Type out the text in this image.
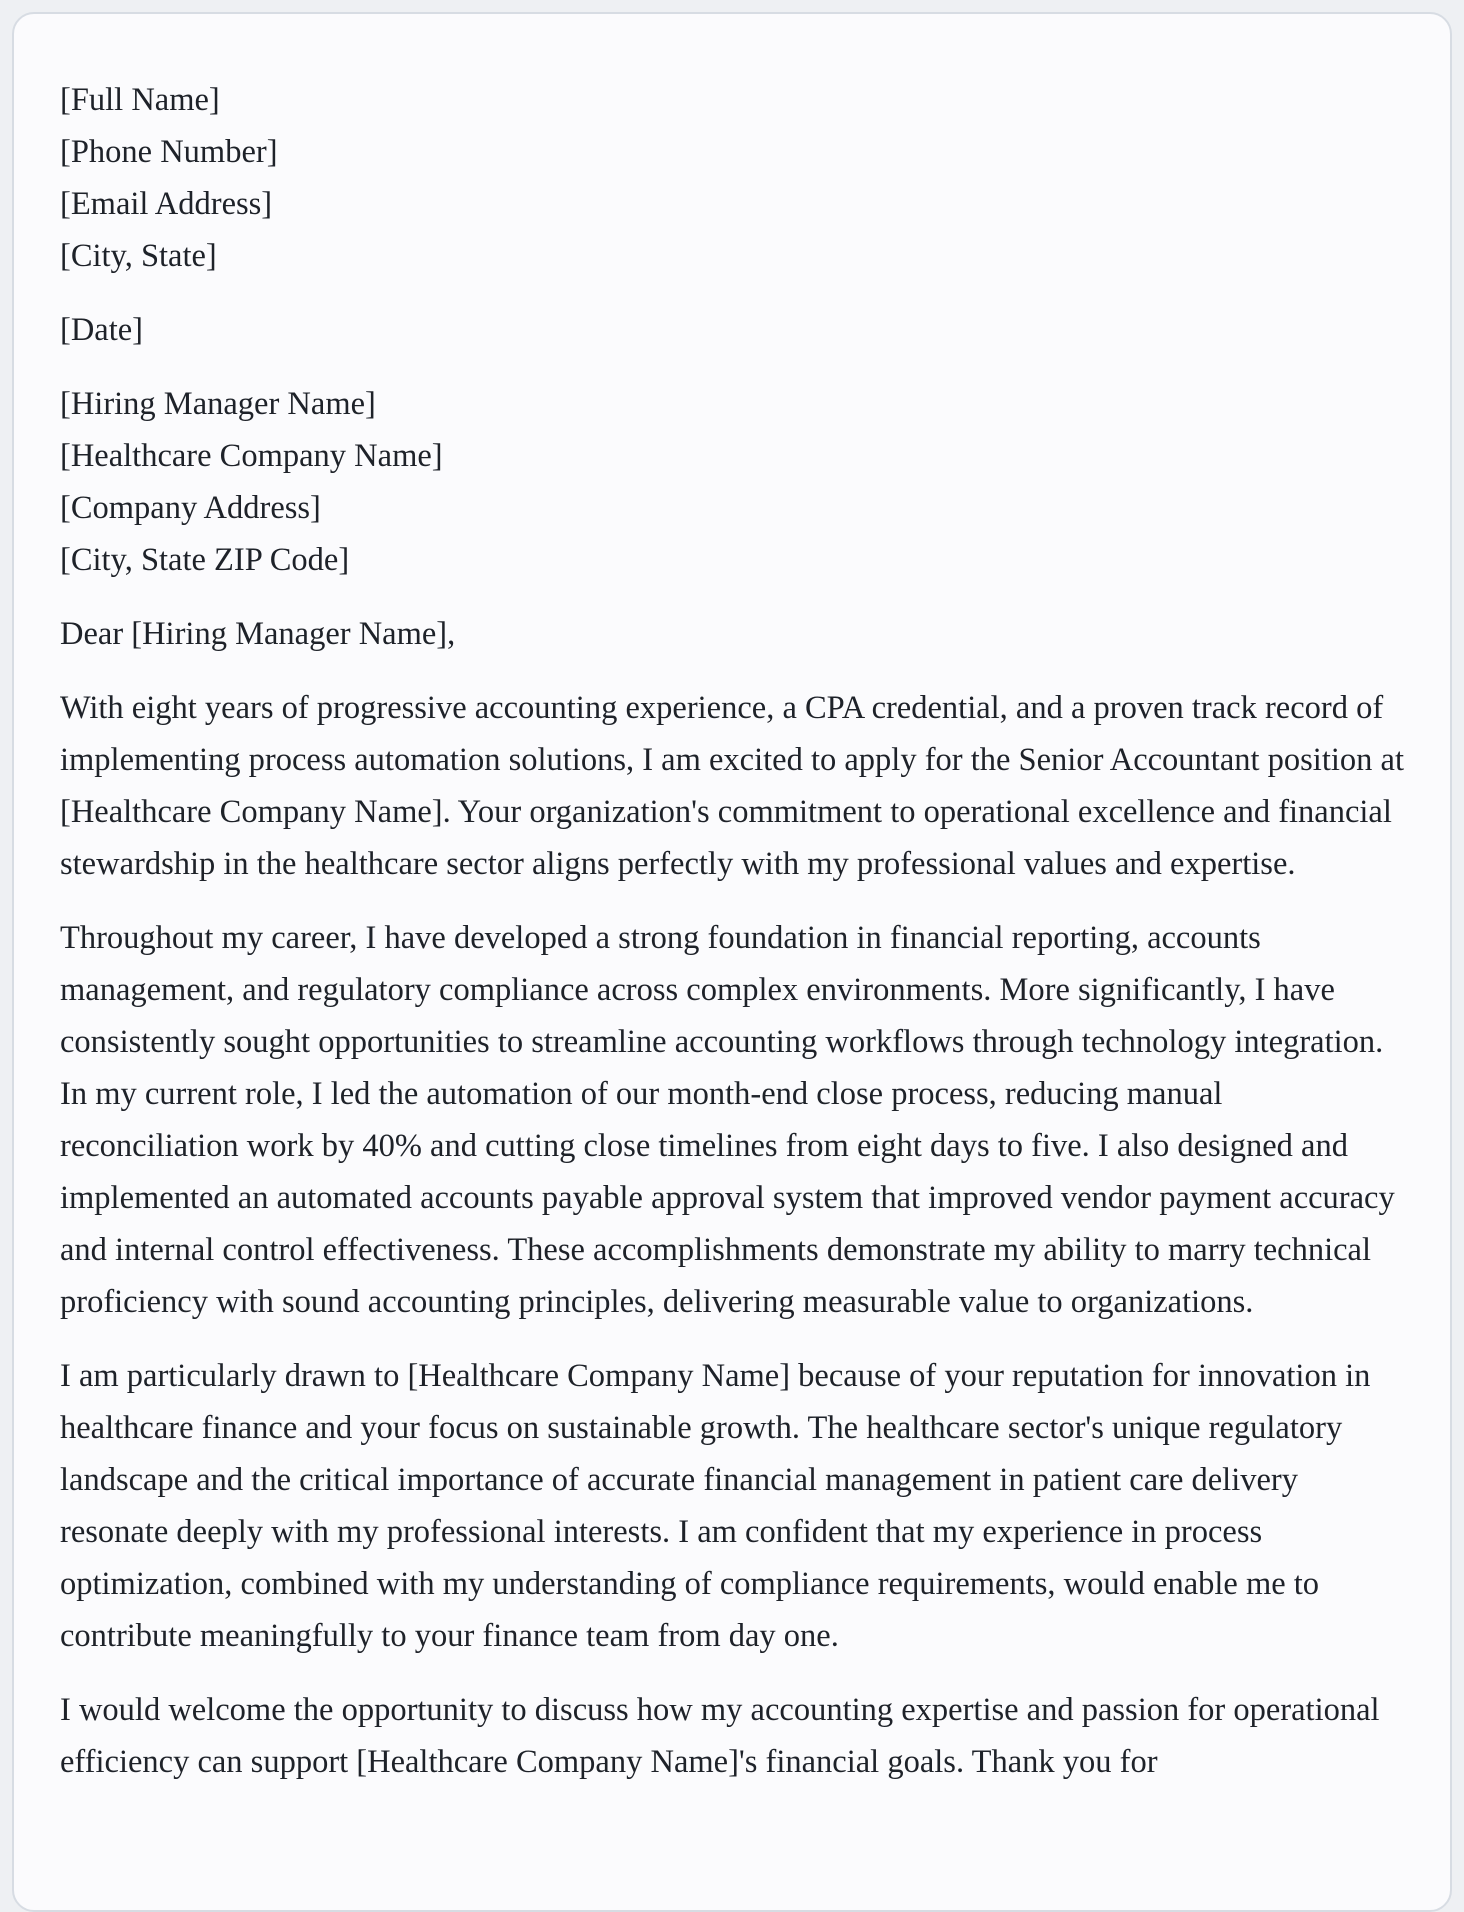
[Full Name]
[Phone Number]
[Email Address]
[City, State]
[Date]
[Hiring Manager Name]
[Healthcare Company Name]
[Company Address]
[City, State ZIP Code]

Dear [Hiring Manager Name],

With eight years of progressive accounting experience, a CPA credential, and a proven track record of implementing process automation solutions, I am excited to apply for the Senior Accountant position at [Healthcare Company Name]. Your organization's commitment to operational excellence and financial stewardship in the healthcare sector aligns perfectly with my professional values and expertise.

Throughout my career, I have developed a strong foundation in financial reporting, accounts management, and regulatory compliance across complex environments. More significantly, I have consistently sought opportunities to streamline accounting workflows through technology integration. In my current role, I led the automation of our month-end close process, reducing manual reconciliation work by 40% and cutting close timelines from eight days to five. I also designed and implemented an automated accounts payable approval system that improved vendor payment accuracy and internal control effectiveness. These accomplishments demonstrate my ability to marry technical proficiency with sound accounting principles, delivering measurable value to organizations.

I am particularly drawn to [Healthcare Company Name] because of your reputation for innovation in healthcare finance and your focus on sustainable growth. The healthcare sector's unique regulatory landscape and the critical importance of accurate financial management in patient care delivery resonate deeply with my professional interests. I am confident that my experience in process optimization, combined with my understanding of compliance requirements, would enable me to contribute meaningfully to your finance team from day one.

I would welcome the opportunity to discuss how my accounting expertise and passion for operational efficiency can support [Healthcare Company Name]'s financial goals. Thank you for
